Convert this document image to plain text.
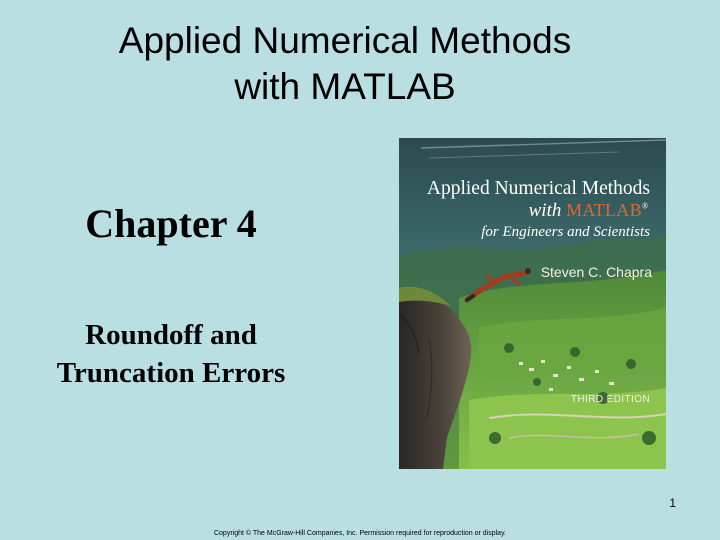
Applied Numerical Methods
with MATLAB
Chapter 4
Roundoff and
Truncation Errors
Applied Numerical Methods
with MATLAB®
for Engineers and Scientists
Steven C. Chapra
THIRD EDITION
1
Copyright © The McGraw-Hill Companies, Inc. Permission required for reproduction or display.
